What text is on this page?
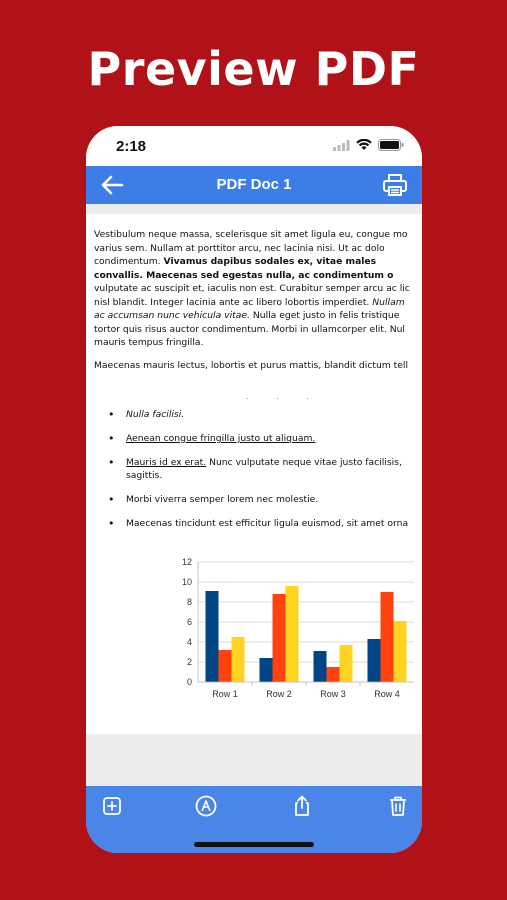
Preview PDF
2:18
PDF Doc 1
Vestibulum neque massa, scelerisque sit amet ligula eu, congue mo
varius sem. Nullam at porttitor arcu, nec lacinia nisi. Ut ac dolo
condimentum. Vivamus dapibus sodales ex, vitae males
convallis. Maecenas sed egestas nulla, ac condimentum o
vulputate ac suscipit et, iaculis non est. Curabitur semper arcu ac lic
nisl blandit. Integer lacinia ante ac libero lobortis imperdiet. Nullam
ac accumsan nunc vehicula vitae. Nulla eget justo in felis tristique
tortor quis risus auctor condimentum. Morbi in ullamcorper elit. Nul
mauris tempus fringilla.
Maecenas mauris lectus, lobortis et purus mattis, blandit dictum tell
...
• Nulla facilisi.
• Aenean congue fringilla justo ut aliquam.
• Mauris id ex erat. Nunc vulputate neque vitae justo facilisis,
sagittis.
• Morbi viverra semper lorem nec molestie.
• Maecenas tincidunt est efficitur ligula euismod, sit amet orna
0
2
4
6
8
10
12
Row 1	Row 2	Row 3	Row 4
